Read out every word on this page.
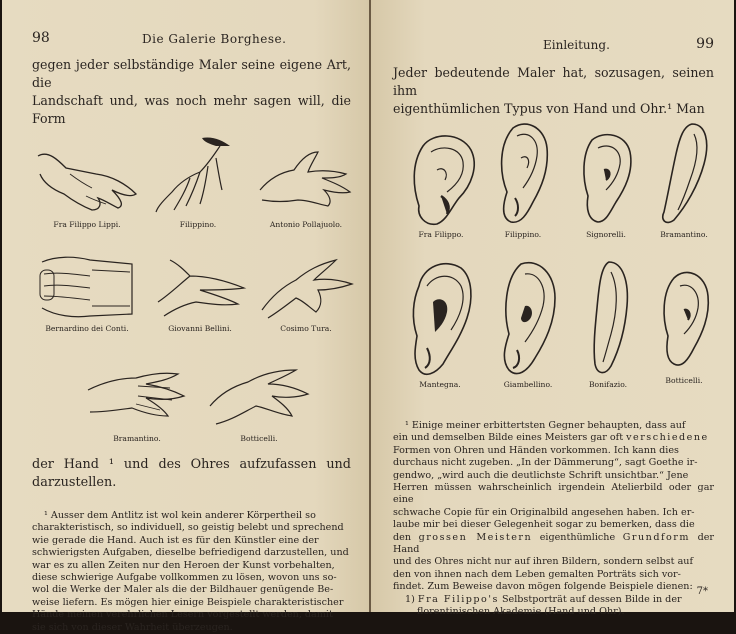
98	Die Galerie Borghese.

gegen jeder selbständige Maler seine eigene Art, die
Landschaft und, was noch mehr sagen will, die Form

Fra Filippo Lippi.	Filippino.	Antonio Pollajuolo.
Bernardino dei Conti.	Giovanni Bellini.	Cosimo Tura.
Bramantino.	Botticelli.

der Hand ¹ und des Ohres aufzufassen und darzustellen.

¹ Ausser dem Antlitz ist wol kein anderer Körpertheil so
charakteristisch, so individuell, so geistig belebt und sprechend
wie gerade die Hand. Auch ist es für den Künstler eine der
schwierigsten Aufgaben, dieselbe befriedigend darzustellen, und
war es zu allen Zeiten nur den Heroen der Kunst vorbehalten,
diese schwierige Aufgabe vollkommen zu lösen, wovon uns so-
wol die Werke der Maler als die der Bildhauer genügende Be-
weise liefern. Es mögen hier einige Beispiele charakteristischer
Hände meinen verehrlichen Lesern vorgestellt werden, damit
sie sich von dieser Wahrheit überzeugen.
Einleitung.	99

Jeder bedeutende Maler hat, sozusagen, seinen ihm
eigenthümlichen Typus von Hand und Ohr.¹ Man

Fra Filippo.	Filippino.	Signorelli.	Bramantino.
Mantegna.	Giambellino.	Bonifazio.	Botticelli.
¹ Einige meiner erbittertsten Gegner behaupten, dass auf
ein und demselben Bilde eines Meisters gar oft verschiedene
Formen von Ohren und Händen vorkommen. Ich kann dies
durchaus nicht zugeben. „In der Dämmerung“, sagt Goethe ir-
gendwo, „wird auch die deutlichste Schrift unsichtbar.“ Jene
Herren müssen wahrscheinlich irgendein Atelierbild oder gar eine
schwache Copie für ein Originalbild angesehen haben. Ich er-
laube mir bei dieser Gelegenheit sogar zu bemerken, dass die
den grossen Meistern eigenthümliche Grundform der Hand
und des Ohres nicht nur auf ihren Bildern, sondern selbst auf
den von ihnen nach dem Leben gemalten Porträts sich vor-
findet. Zum Beweise davon mögen folgende Beispiele dienen:
1) Fra Filippo's Selbstporträt auf dessen Bilde in der
florentinischen Akademie (Hand und Ohr).
7*
